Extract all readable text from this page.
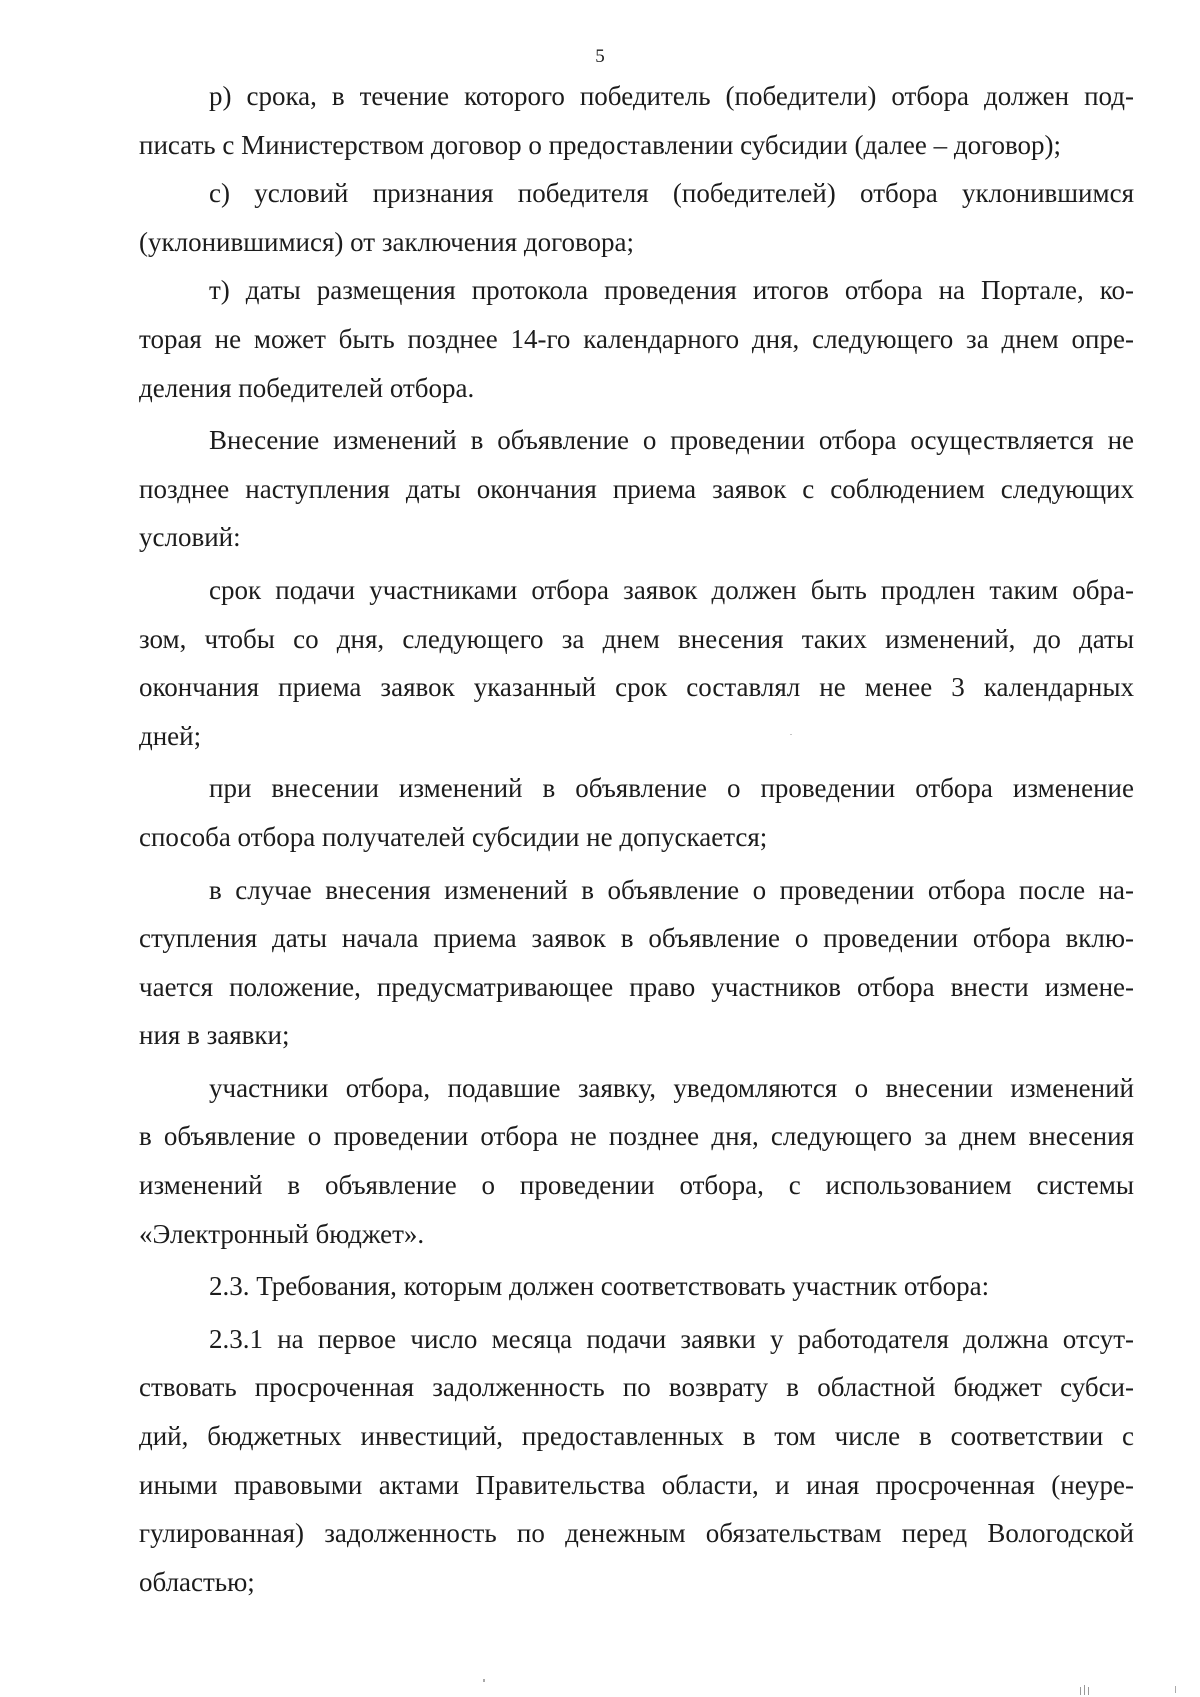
5

р) срока, в течение которого победитель (победители) отбора должен под-
писать с Министерством договор о предоставлении субсидии (далее – договор);

с) условий признания победителя (победителей) отбора уклонившимся
(уклонившимися) от заключения договора;

т) даты размещения протокола проведения итогов отбора на Портале, ко-
торая не может быть позднее 14-го календарного дня, следующего за днем опре-
деления победителей отбора.

Внесение изменений в объявление о проведении отбора осуществляется не
позднее наступления даты окончания приема заявок с соблюдением следующих
условий:

срок подачи участниками отбора заявок должен быть продлен таким обра-
зом, чтобы со дня, следующего за днем внесения таких изменений, до даты
окончания приема заявок указанный срок составлял не менее 3 календарных
дней;

при внесении изменений в объявление о проведении отбора изменение
способа отбора получателей субсидии не допускается;

в случае внесения изменений в объявление о проведении отбора после на-
ступления даты начала приема заявок в объявление о проведении отбора вклю-
чается положение, предусматривающее право участников отбора внести измене-
ния в заявки;

участники отбора, подавшие заявку, уведомляются о внесении изменений
в объявление о проведении отбора не позднее дня, следующего за днем внесения
изменений в объявление о проведении отбора, с использованием системы
«Электронный бюджет».

2.3. Требования, которым должен соответствовать участник отбора:

2.3.1 на первое число месяца подачи заявки у работодателя должна отсут-
ствовать просроченная задолженность по возврату в областной бюджет субси-
дий, бюджетных инвестиций, предоставленных в том числе в соответствии с
иными правовыми актами Правительства области, и иная просроченная (неуре-
гулированная) задолженность по денежным обязательствам перед Вологодской
областью;
